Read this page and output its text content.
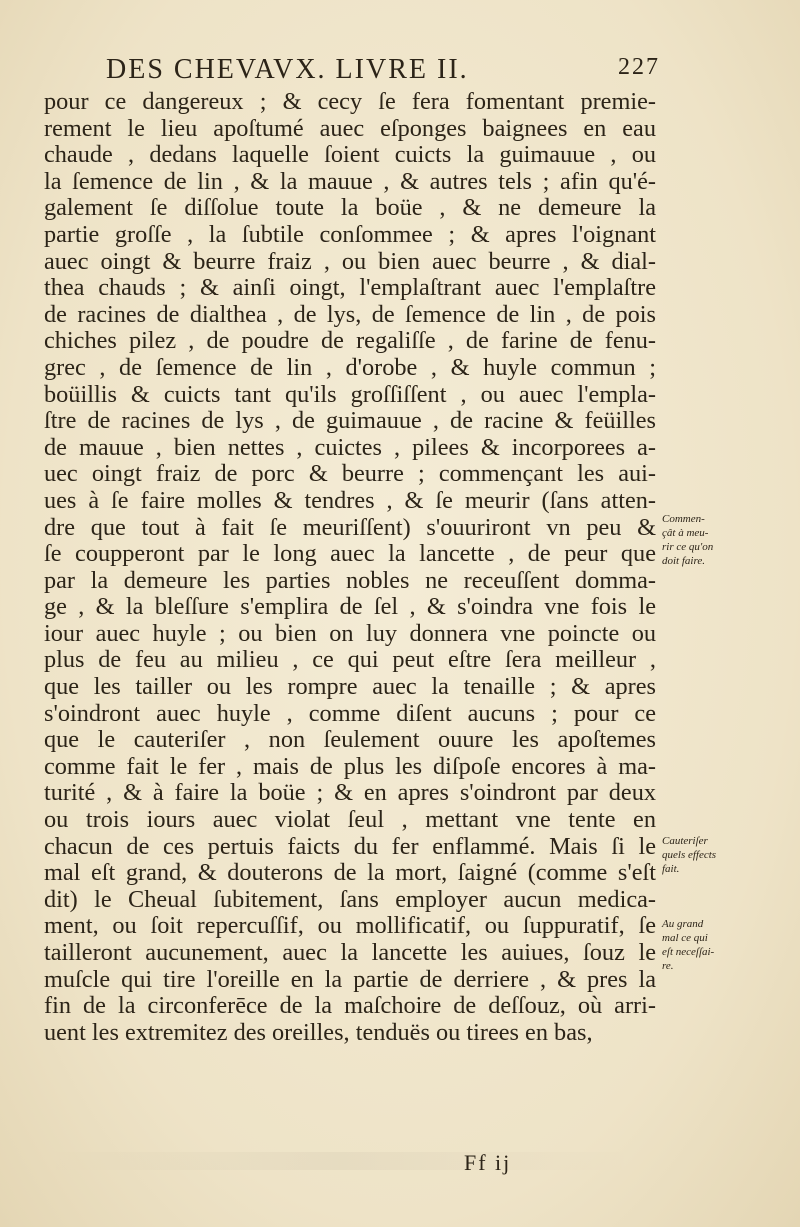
DES CHEVAVX. LIVRE II.	227
pour ce dangereux ; & cecy ſe fera fomentant premie-
rement le lieu apoſtumé auec eſponges baignees en eau
chaude , dedans laquelle ſoient cuicts la guimauue , ou
la ſemence de lin , & la mauue , & autres tels ; afin qu'é-
galement ſe diſſolue toute la boüe , & ne demeure la
partie groſſe , la ſubtile conſommee ; & apres l'oignant
auec oingt & beurre fraiz , ou bien auec beurre , & dial-
thea chauds ; & ainſi oingt, l'emplaſtrant auec l'emplaſtre
de racines de dialthea , de lys, de ſemence de lin , de pois
chiches pilez , de poudre de regaliſſe , de farine de fenu-
grec , de ſemence de lin , d'orobe , & huyle commun ;
boüillis & cuicts tant qu'ils groſſiſſent , ou auec l'empla-
ſtre de racines de lys , de guimauue , de racine & feüilles
de mauue , bien nettes , cuictes , pilees & incorporees a-
uec oingt fraiz de porc & beurre ; commençant les aui-
ues à ſe faire molles & tendres , & ſe meurir (ſans atten-
dre que tout à fait ſe meuriſſent) s'ouuriront vn peu &
ſe coupperont par le long auec la lancette , de peur que
par la demeure les parties nobles ne receuſſent domma-
ge , & la bleſſure s'emplira de ſel , & s'oindra vne fois le
iour auec huyle ; ou bien on luy donnera vne poincte ou
plus de feu au milieu , ce qui peut eſtre ſera meilleur ,
que les tailler ou les rompre auec la tenaille ; & apres
s'oindront auec huyle , comme diſent aucuns ; pour ce
que le cauteriſer , non ſeulement ouure les apoſtemes
comme fait le fer , mais de plus les diſpoſe encores à ma-
turité , & à faire la boüe ; & en apres s'oindront par deux
ou trois iours auec violat ſeul , mettant vne tente en
chacun de ces pertuis faicts du fer enflammé. Mais ſi le
mal eſt grand, & douterons de la mort, ſaigné (comme s'eſt
dit) le Cheual ſubitement, ſans employer aucun medica-
ment, ou ſoit repercuſſif, ou mollificatif, ou ſuppuratif, ſe
tailleront aucunement, auec la lancette les auiues, ſouz le
muſcle qui tire l'oreille en la partie de derriere , & pres la
fin de la circonferēce de la maſchoire de deſſouz, où arri-
uent les extremitez des oreilles, tenduës ou tirees en bas,
Commen-
çât à meu-
rir ce qu'on
doit faire.
Cauteriſer
quels effects
fait.
Au grand
mal ce qui
eſt neceſſai-
re.
Ff ij
